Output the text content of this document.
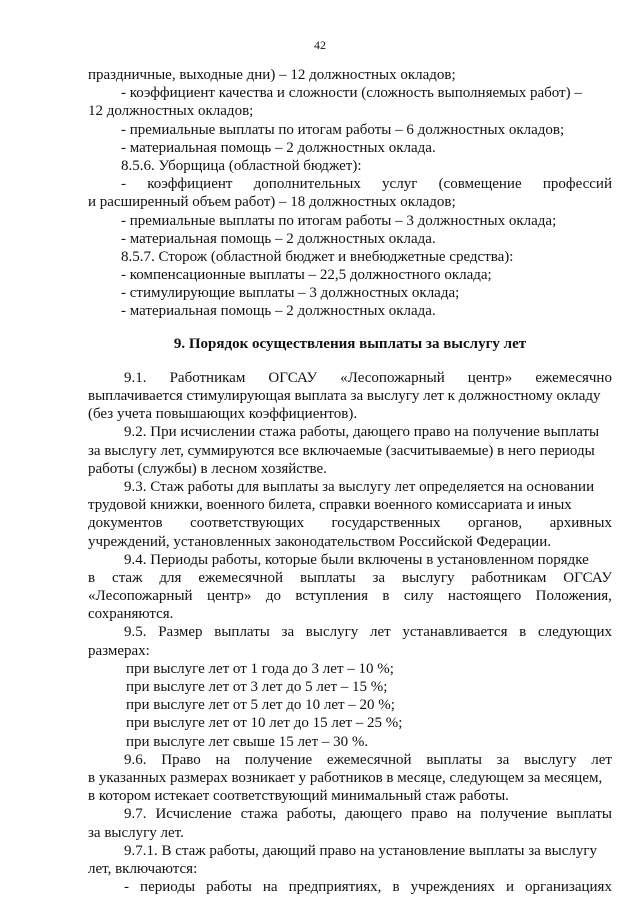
42
праздничные, выходные дни) – 12 должностных окладов;
- коэффициент качества и сложности (сложность выполняемых работ) –
12 должностных окладов;
- премиальные выплаты по итогам работы – 6 должностных окладов;
- материальная помощь – 2 должностных оклада.
8.5.6. Уборщица (областной бюджет):
- коэффициент дополнительных услуг (совмещение профессий
и расширенный объем работ) – 18 должностных окладов;
- премиальные выплаты по итогам работы – 3 должностных оклада;
- материальная помощь – 2 должностных оклада.
8.5.7. Сторож (областной бюджет и внебюджетные средства):
- компенсационные выплаты – 22,5 должностного оклада;
- стимулирующие выплаты – 3 должностных оклада;
- материальная помощь – 2 должностных оклада.
9. Порядок осуществления выплаты за выслугу лет
9.1. Работникам ОГСАУ «Лесопожарный центр» ежемесячно
выплачивается стимулирующая выплата за выслугу лет к должностному окладу
(без учета повышающих коэффициентов).
9.2. При исчислении стажа работы, дающего право на получение выплаты
за выслугу лет, суммируются все включаемые (засчитываемые) в него периоды
работы (службы) в лесном хозяйстве.
9.3. Стаж работы для выплаты за выслугу лет определяется на основании
трудовой книжки, военного билета, справки военного комиссариата и иных
документов соответствующих государственных органов, архивных
учреждений, установленных законодательством Российской Федерации.
9.4. Периоды работы, которые были включены в установленном порядке
в стаж для ежемесячной выплаты за выслугу работникам ОГСАУ
«Лесопожарный центр» до вступления в силу настоящего Положения,
сохраняются.
9.5. Размер выплаты за выслугу лет устанавливается в следующих
размерах:
при выслуге лет от 1 года до 3 лет – 10 %;
при выслуге лет от 3 лет до 5 лет – 15 %;
при выслуге лет от 5 лет до 10 лет – 20 %;
при выслуге лет от 10 лет до 15 лет – 25 %;
при выслуге лет свыше 15 лет – 30 %.
9.6. Право на получение ежемесячной выплаты за выслугу лет
в указанных размерах возникает у работников в месяце, следующем за месяцем,
в котором истекает соответствующий минимальный стаж работы.
9.7. Исчисление стажа работы, дающего право на получение выплаты
за выслугу лет.
9.7.1. В стаж работы, дающий право на установление выплаты за выслугу
лет, включаются:
- периоды работы на предприятиях, в учреждениях и организациях
